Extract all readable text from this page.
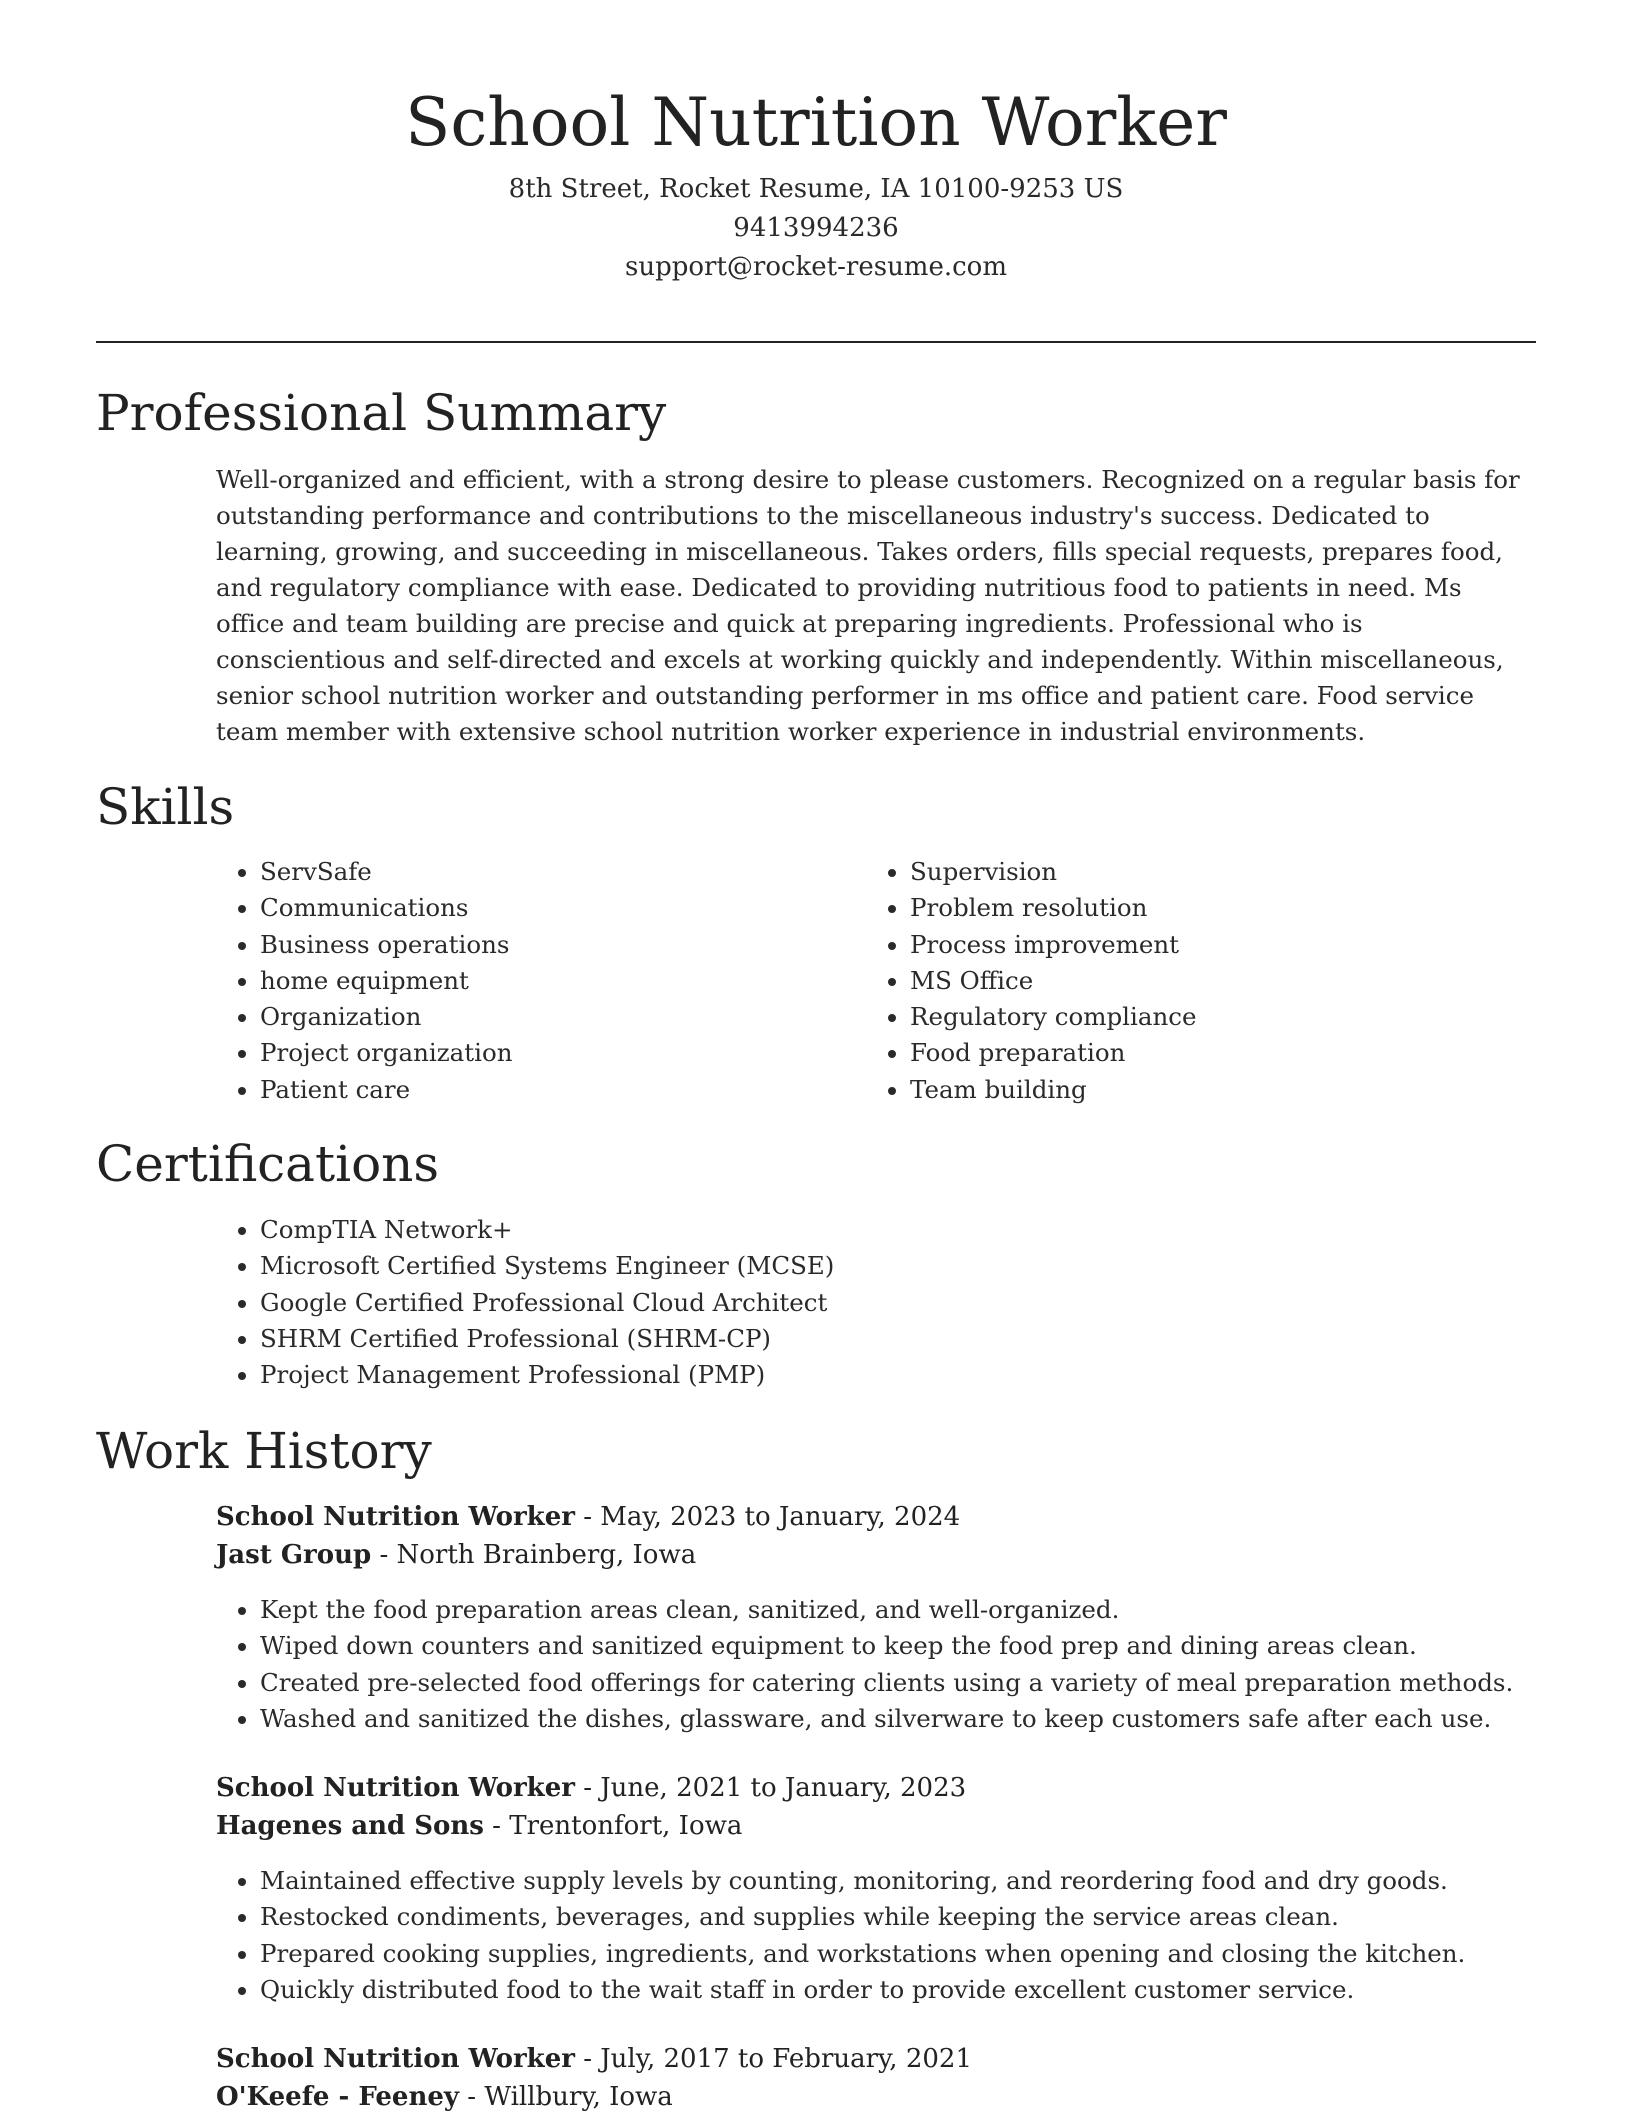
School Nutrition Worker
8th Street, Rocket Resume, IA 10100-9253 US
9413994236
support@rocket-resume.com
Professional Summary

Well-organized and efficient, with a strong desire to please customers. Recognized on a regular basis for outstanding performance and contributions to the miscellaneous industry's success. Dedicated to learning, growing, and succeeding in miscellaneous. Takes orders, fills special requests, prepares food, and regulatory compliance with ease. Dedicated to providing nutritious food to patients in need. Ms office and team building are precise and quick at preparing ingredients. Professional who is conscientious and self-directed and excels at working quickly and independently. Within miscellaneous, senior school nutrition worker and outstanding performer in ms office and patient care. Food service team member with extensive school nutrition worker experience in industrial environments.

Skills
• ServSafe
• Communications
• Business operations
• home equipment
• Organization
• Project organization
• Patient care
• Supervision
• Problem resolution
• Process improvement
• MS Office
• Regulatory compliance
• Food preparation
• Team building
Certifications
• CompTIA Network+
• Microsoft Certified Systems Engineer (MCSE)
• Google Certified Professional Cloud Architect
• SHRM Certified Professional (SHRM-CP)
• Project Management Professional (PMP)
Work History
School Nutrition Worker - May, 2023 to January, 2024
Jast Group - North Brainberg, Iowa
• Kept the food preparation areas clean, sanitized, and well-organized.
• Wiped down counters and sanitized equipment to keep the food prep and dining areas clean.
• Created pre-selected food offerings for catering clients using a variety of meal preparation methods.
• Washed and sanitized the dishes, glassware, and silverware to keep customers safe after each use.
School Nutrition Worker - June, 2021 to January, 2023
Hagenes and Sons - Trentonfort, Iowa
• Maintained effective supply levels by counting, monitoring, and reordering food and dry goods.
• Restocked condiments, beverages, and supplies while keeping the service areas clean.
• Prepared cooking supplies, ingredients, and workstations when opening and closing the kitchen.
• Quickly distributed food to the wait staff in order to provide excellent customer service.
School Nutrition Worker - July, 2017 to February, 2021
O'Keefe - Feeney - Willbury, Iowa
